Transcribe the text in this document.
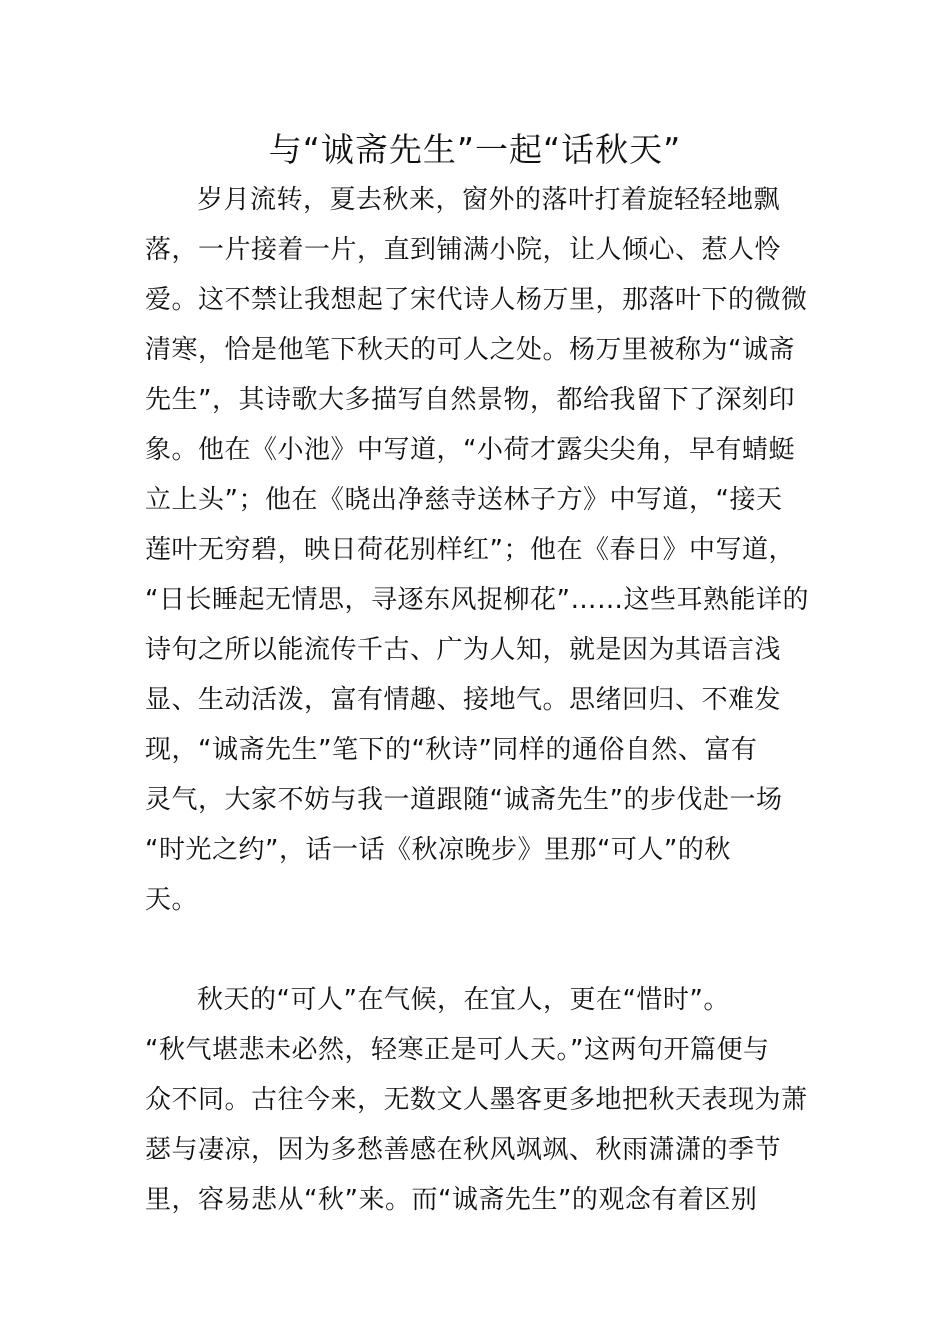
与“诚斋先生”一起“话秋天”
岁月流转，夏去秋来，窗外的落叶打着旋轻轻地飘
落，一片接着一片，直到铺满小院，让人倾心、惹人怜
爱。这不禁让我想起了宋代诗人杨万里，那落叶下的微微
清寒，恰是他笔下秋天的可人之处。杨万里被称为“诚斋
先生”，其诗歌大多描写自然景物，都给我留下了深刻印
象。他在《小池》中写道，“小荷才露尖尖角，早有蜻蜓
立上头”；他在《晓出净慈寺送林子方》中写道，“接天
莲叶无穷碧，映日荷花别样红”；他在《春日》中写道，
“日长睡起无情思，寻逐东风捉柳花”……这些耳熟能详的
诗句之所以能流传千古、广为人知，就是因为其语言浅
显、生动活泼，富有情趣、接地气。思绪回归、不难发
现，“诚斋先生”笔下的“秋诗”同样的通俗自然、富有
灵气，大家不妨与我一道跟随“诚斋先生”的步伐赴一场
“时光之约”，话一话《秋凉晚步》里那“可人”的秋
天。
秋天的“可人”在气候，在宜人，更在“惜时”。
“秋气堪悲未必然，轻寒正是可人天。”这两句开篇便与
众不同。古往今来，无数文人墨客更多地把秋天表现为萧
瑟与凄凉，因为多愁善感在秋风飒飒、秋雨潇潇的季节
里，容易悲从“秋”来。而“诚斋先生”的观念有着区别
